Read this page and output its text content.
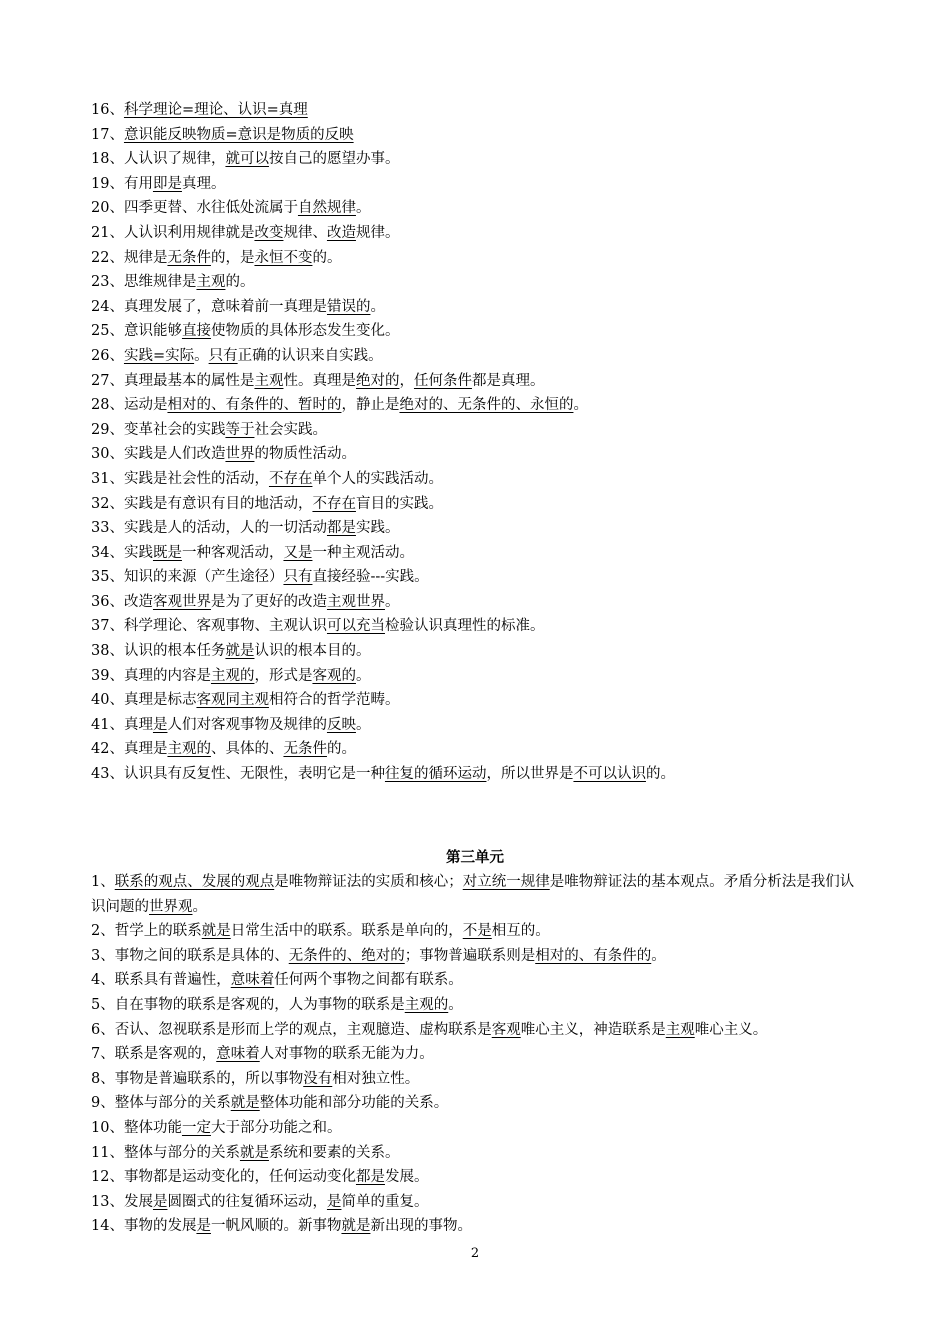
16、科学理论=理论、认识=真理
17、意识能反映物质=意识是物质的反映
18、人认识了规律，就可以按自己的愿望办事。
19、有用即是真理。
20、四季更替、水往低处流属于自然规律。
21、人认识利用规律就是改变规律、改造规律。
22、规律是无条件的，是永恒不变的。
23、思维规律是主观的。
24、真理发展了，意味着前一真理是错误的。
25、意识能够直接使物质的具体形态发生变化。
26、实践=实际。只有正确的认识来自实践。
27、真理最基本的属性是主观性。真理是绝对的，任何条件都是真理。
28、运动是相对的、有条件的、暂时的，静止是绝对的、无条件的、永恒的。
29、变革社会的实践等于社会实践。
30、实践是人们改造世界的物质性活动。
31、实践是社会性的活动，不存在单个人的实践活动。
32、实践是有意识有目的地活动，不存在盲目的实践。
33、实践是人的活动，人的一切活动都是实践。
34、实践既是一种客观活动，又是一种主观活动。
35、知识的来源（产生途径）只有直接经验---实践。
36、改造客观世界是为了更好的改造主观世界。
37、科学理论、客观事物、主观认识可以充当检验认识真理性的标准。
38、认识的根本任务就是认识的根本目的。
39、真理的内容是主观的，形式是客观的。
40、真理是标志客观同主观相符合的哲学范畴。
41、真理是人们对客观事物及规律的反映。
42、真理是主观的、具体的、无条件的。
43、认识具有反复性、无限性，表明它是一种往复的循环运动，所以世界是不可以认识的。
第三单元
1、联系的观点、发展的观点是唯物辩证法的实质和核心；对立统一规律是唯物辩证法的基本观点。矛盾分析法是我们认识问题的世界观。
2、哲学上的联系就是日常生活中的联系。联系是单向的，不是相互的。
3、事物之间的联系是具体的、无条件的、绝对的；事物普遍联系则是相对的、有条件的。
4、联系具有普遍性，意味着任何两个事物之间都有联系。
5、自在事物的联系是客观的，人为事物的联系是主观的。
6、否认、忽视联系是形而上学的观点，主观臆造、虚构联系是客观唯心主义，神造联系是主观唯心主义。
7、联系是客观的，意味着人对事物的联系无能为力。
8、事物是普遍联系的，所以事物没有相对独立性。
9、整体与部分的关系就是整体功能和部分功能的关系。
10、整体功能一定大于部分功能之和。
11、整体与部分的关系就是系统和要素的关系。
12、事物都是运动变化的，任何运动变化都是发展。
13、发展是圆圈式的往复循环运动，是简单的重复。
14、事物的发展是一帆风顺的。新事物就是新出现的事物。
2
